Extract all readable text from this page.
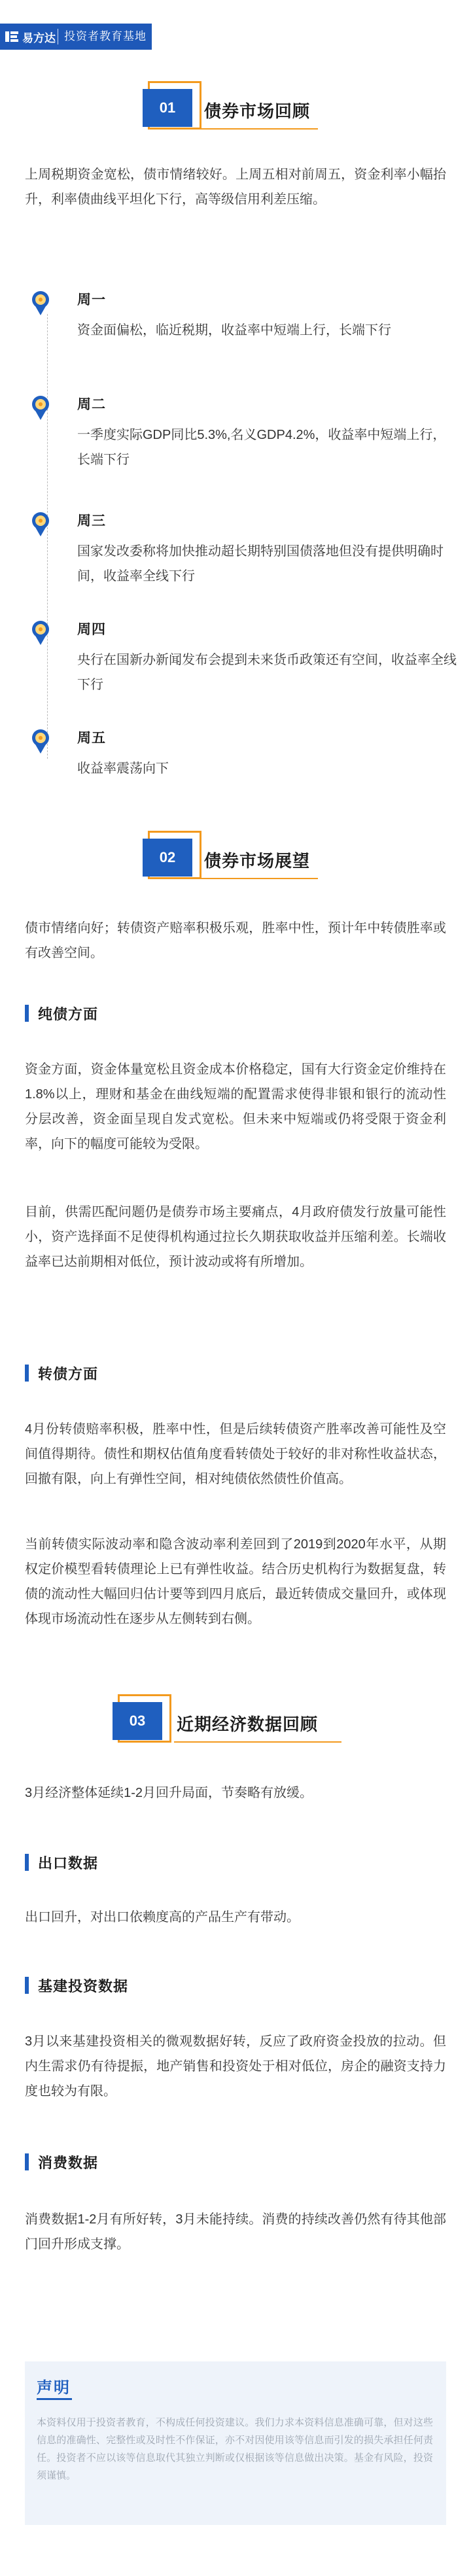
易方达 投资者教育基地
01	债券市场回顾
上周税期资金宽松，债市情绪较好。上周五相对前周五，资金利率小幅抬升，利率债曲线平坦化下行，高等级信用利差压缩。
周一
资金面偏松，临近税期，收益率中短端上行，长端下行
周二
一季度实际GDP同比5.3%,名义GDP4.2%，收益率中短端上行，长端下行
周三
国家发改委称将加快推动超长期特别国债落地但没有提供明确时间，收益率全线下行
周四
央行在国新办新闻发布会提到未来货币政策还有空间，收益率全线下行
周五
收益率震荡向下
02	债券市场展望
债市情绪向好；转债资产赔率积极乐观，胜率中性，预计年中转债胜率或有改善空间。
纯债方面
资金方面，资金体量宽松且资金成本价格稳定，国有大行资金定价维持在1.8%以上，理财和基金在曲线短端的配置需求使得非银和银行的流动性分层改善，资金面呈现自发式宽松。但未来中短端或仍将受限于资金利率，向下的幅度可能较为受限。
目前，供需匹配问题仍是债券市场主要痛点，4月政府债发行放量可能性小，资产选择面不足使得机构通过拉长久期获取收益并压缩利差。长端收益率已达前期相对低位，预计波动或将有所增加。
转债方面
4月份转债赔率积极，胜率中性，但是后续转债资产胜率改善可能性及空间值得期待。债性和期权估值角度看转债处于较好的非对称性收益状态，回撤有限，向上有弹性空间，相对纯债依然债性价值高。
当前转债实际波动率和隐含波动率利差回到了2019到2020年水平，从期权定价模型看转债理论上已有弹性收益。结合历史机构行为数据复盘，转债的流动性大幅回归估计要等到四月底后，最近转债成交量回升，或体现体现市场流动性在逐步从左侧转到右侧。
03	近期经济数据回顾
3月经济整体延续1-2月回升局面，节奏略有放缓。
出口数据
出口回升，对出口依赖度高的产品生产有带动。
基建投资数据
3月以来基建投资相关的微观数据好转，反应了政府资金投放的拉动。但内生需求仍有待提振，地产销售和投资处于相对低位，房企的融资支持力度也较为有限。
消费数据
消费数据1-2月有所好转，3月未能持续。消费的持续改善仍然有待其他部门回升形成支撑。
声明
本资料仅用于投资者教育，不构成任何投资建议。我们力求本资料信息准确可靠，但对这些信息的准确性、完整性或及时性不作保证，亦不对因使用该等信息而引发的损失承担任何责任。投资者不应以该等信息取代其独立判断或仅根据该等信息做出决策。基金有风险，投资须谨慎。
